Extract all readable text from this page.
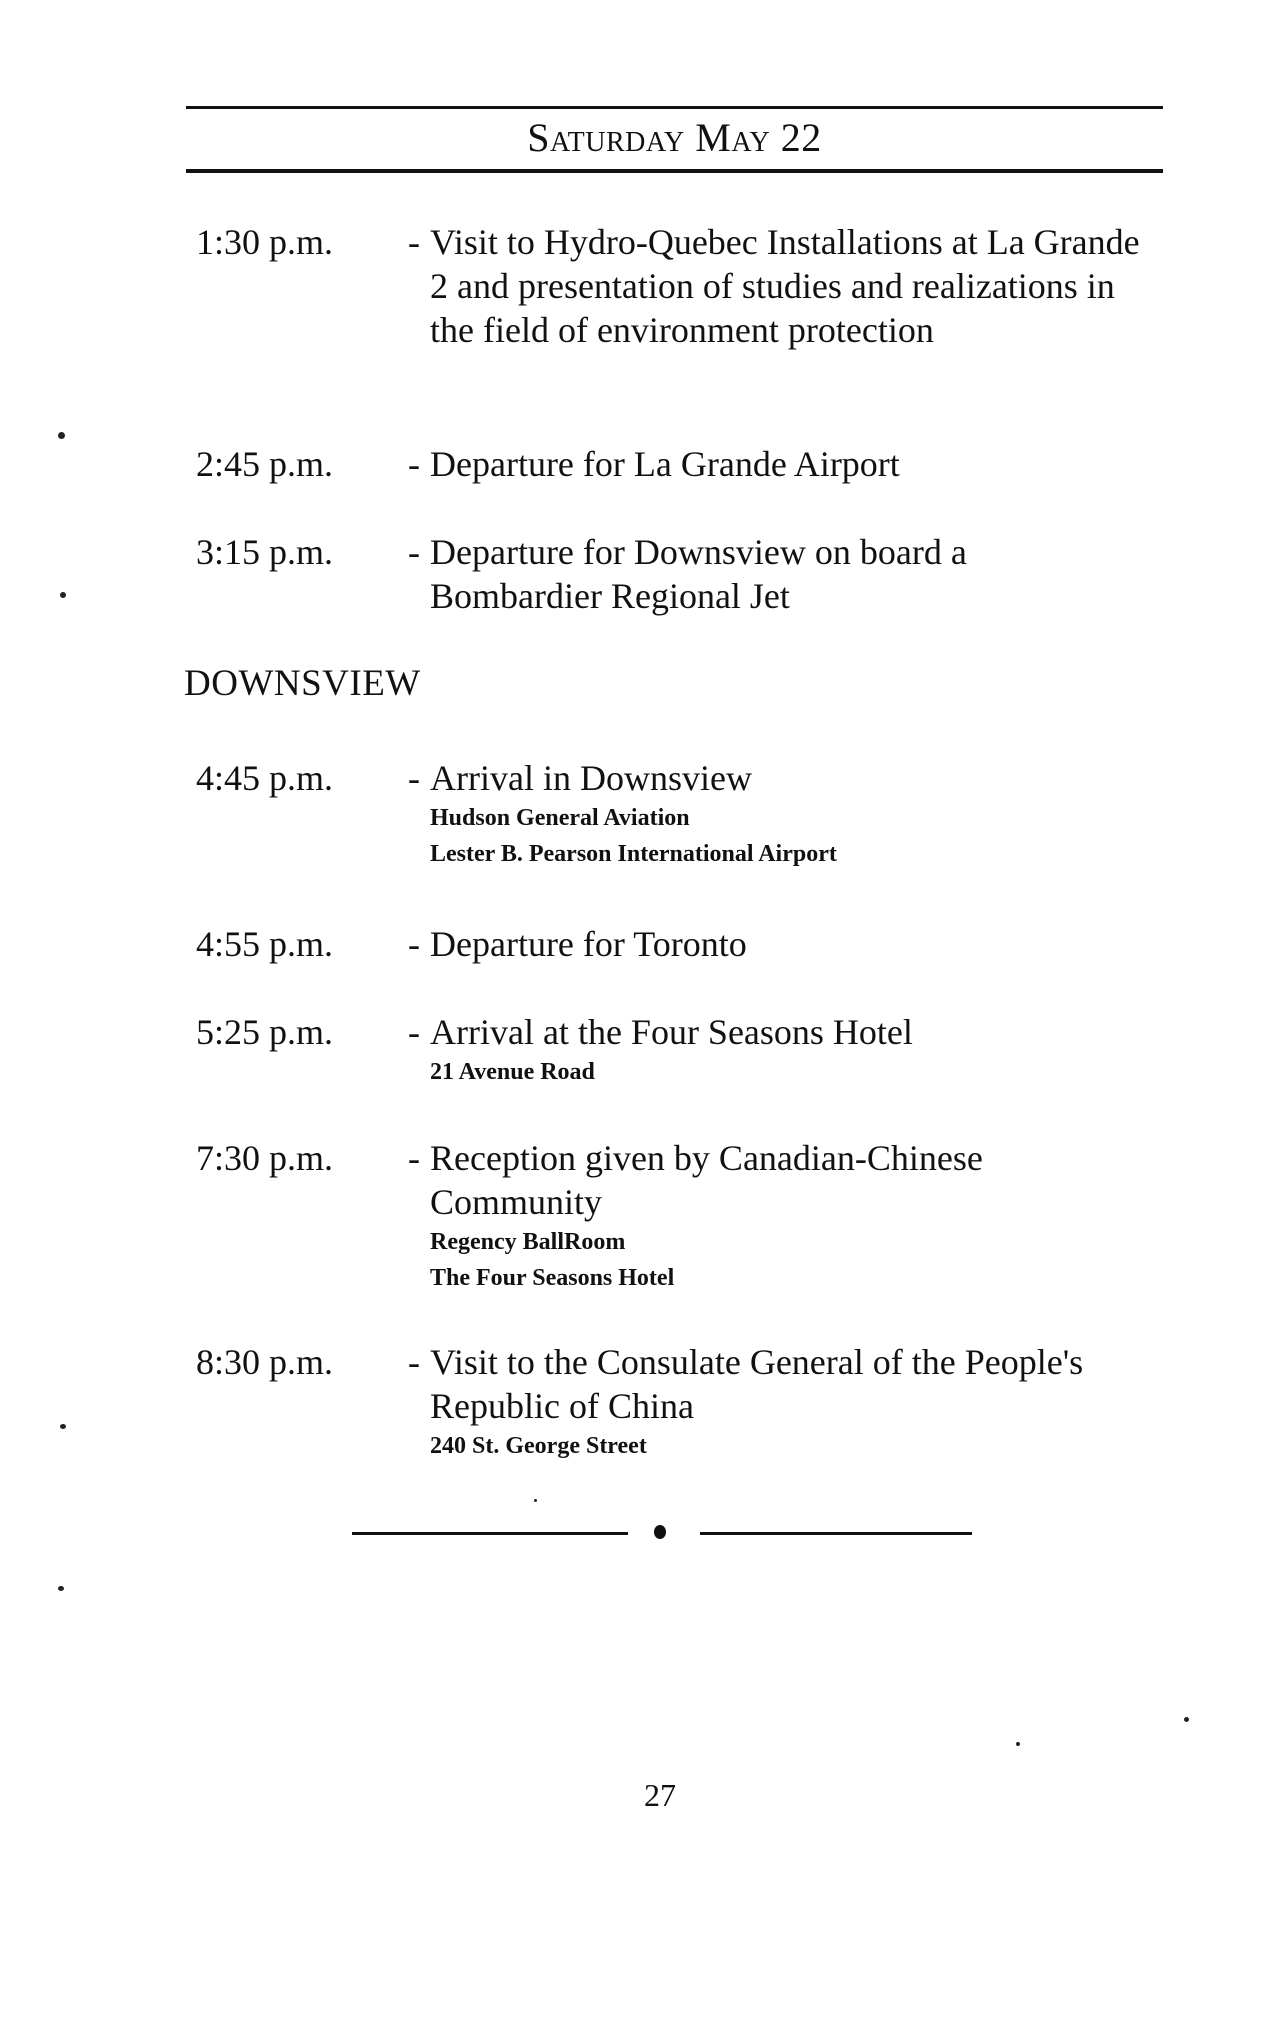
Saturday May 22
1:30 p.m. - Visit to Hydro-Quebec Installations at La Grande 2 and presentation of studies and realizations in the field of environment protection
2:45 p.m. - Departure for La Grande Airport
3:15 p.m. - Departure for Downsview on board a Bombardier Regional Jet
DOWNSVIEW
4:45 p.m. - Arrival in Downsview
Hudson General Aviation
Lester B. Pearson International Airport
4:55 p.m. - Departure for Toronto
5:25 p.m. - Arrival at the Four Seasons Hotel
21 Avenue Road
7:30 p.m. - Reception given by Canadian-Chinese Community
Regency BallRoom
The Four Seasons Hotel
8:30 p.m. - Visit to the Consulate General of the People's Republic of China
240 St. George Street
27
